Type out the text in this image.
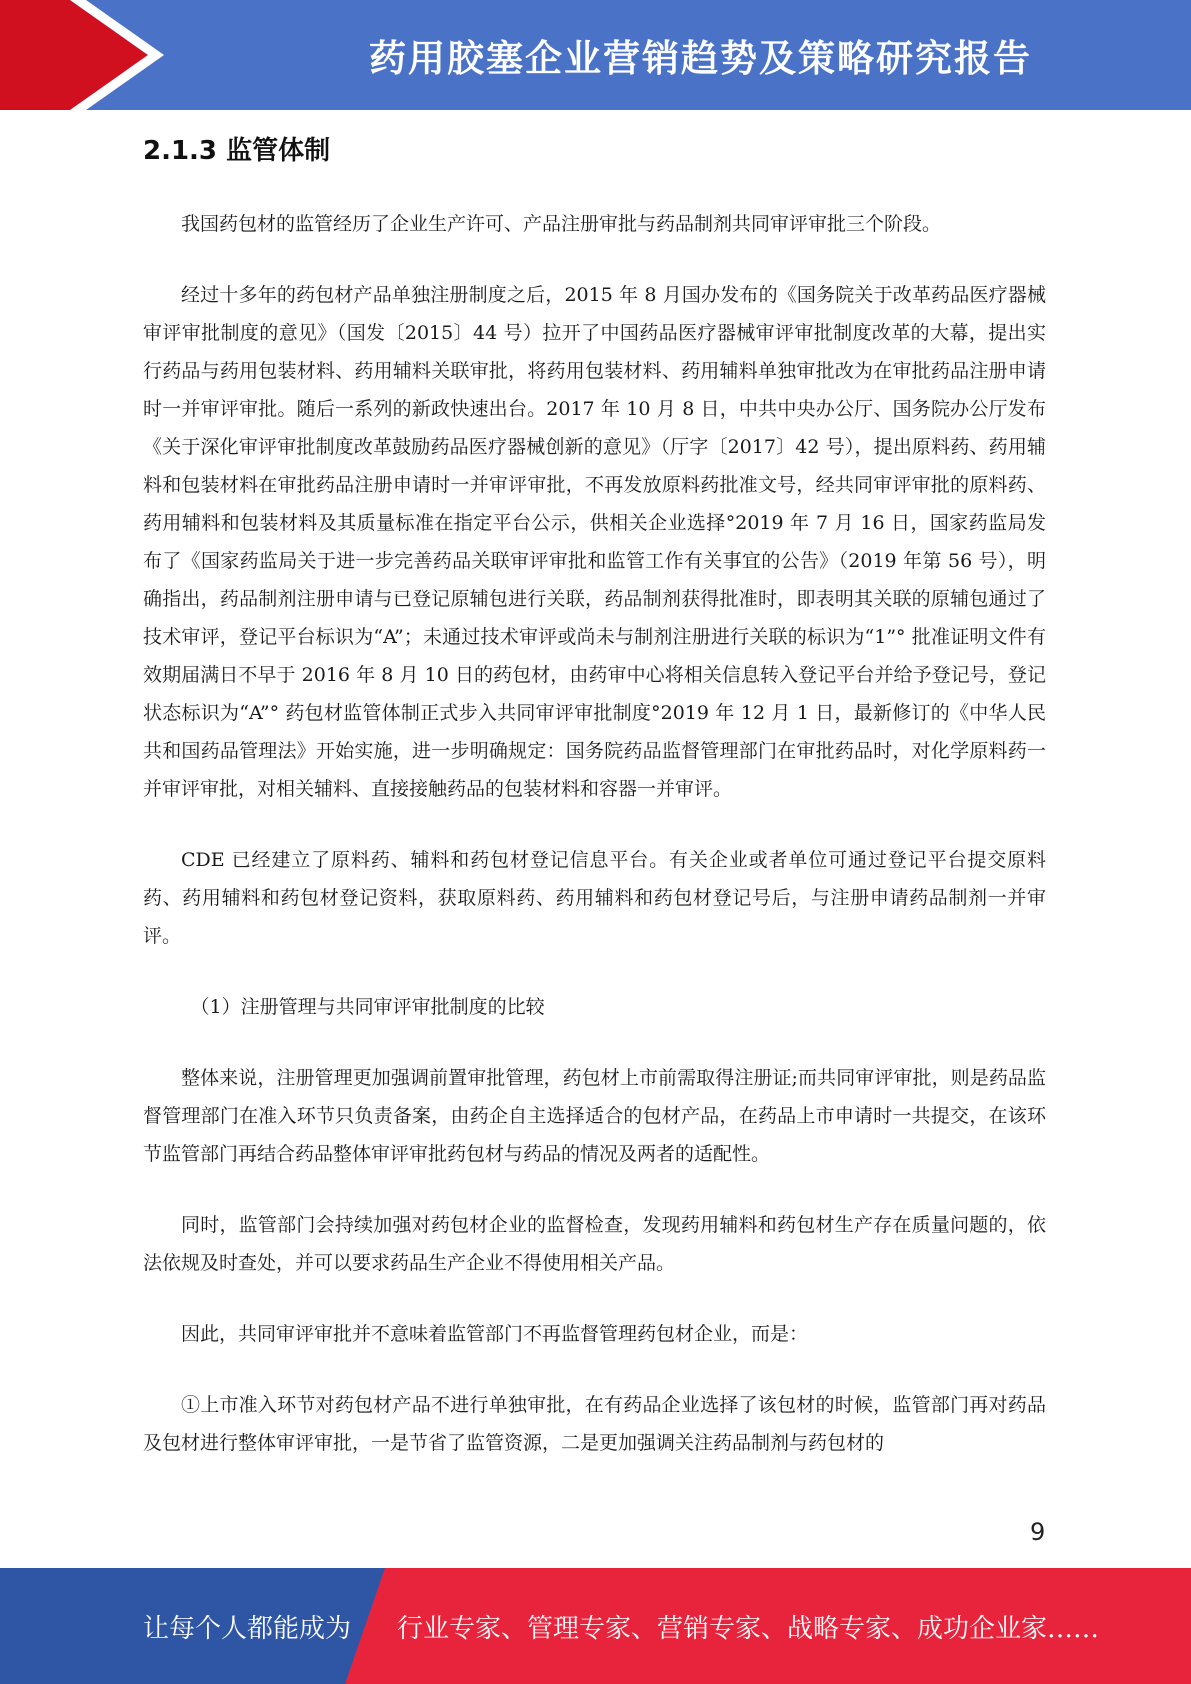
药用胶塞企业营销趋势及策略研究报告
2.1.3 监管体制

我国药包材的监管经历了企业生产许可、产品注册审批与药品制剂共同审评审批三个阶段。

经过十多年的药包材产品单独注册制度之后，2015 年 8 月国办发布的《国务院关于改革药品医疗器械审评审批制度的意见》（国发〔2015〕44 号）拉开了中国药品医疗器械审评审批制度改革的大幕，提出实行药品与药用包装材料、药用辅料关联审批，将药用包装材料、药用辅料单独审批改为在审批药品注册申请时一并审评审批。随后一系列的新政快速出台。2017 年 10 月 8 日，中共中央办公厅、国务院办公厅发布《关于深化审评审批制度改革鼓励药品医疗器械创新的意见》（厅字〔2017〕42 号），提出原料药、药用辅料和包装材料在审批药品注册申请时一并审评审批，不再发放原料药批准文号，经共同审评审批的原料药、药用辅料和包装材料及其质量标准在指定平台公示，供相关企业选择°2019 年 7 月 16 日，国家药监局发布了《国家药监局关于进一步完善药品关联审评审批和监管工作有关事宜的公告》（2019 年第 56 号），明确指出，药品制剂注册申请与已登记原辅包进行关联，药品制剂获得批准时，即表明其关联的原辅包通过了技术审评，登记平台标识为“A”；未通过技术审评或尚未与制剂注册进行关联的标识为“1”° 批准证明文件有效期届满日不早于 2016 年 8 月 10 日的药包材，由药审中心将相关信息转入登记平台并给予登记号，登记状态标识为“A”° 药包材监管体制正式步入共同审评审批制度°2019 年 12 月 1 日，最新修订的《中华人民共和国药品管理法》开始实施，进一步明确规定：国务院药品监督管理部门在审批药品时，对化学原料药一并审评审批，对相关辅料、直接接触药品的包装材料和容器一并审评。

CDE 已经建立了原料药、辅料和药包材登记信息平台。有关企业或者单位可通过登记平台提交原料药、药用辅料和药包材登记资料，获取原料药、药用辅料和药包材登记号后，与注册申请药品制剂一并审评。

（1）注册管理与共同审评审批制度的比较

整体来说，注册管理更加强调前置审批管理，药包材上市前需取得注册证;而共同审评审批，则是药品监督管理部门在准入环节只负责备案，由药企自主选择适合的包材产品，在药品上市申请时一共提交，在该环节监管部门再结合药品整体审评审批药包材与药品的情况及两者的适配性。

同时，监管部门会持续加强对药包材企业的监督检查，发现药用辅料和药包材生产存在质量问题的，依法依规及时查处，并可以要求药品生产企业不得使用相关产品。

因此，共同审评审批并不意味着监管部门不再监督管理药包材企业，而是：

①上市准入环节对药包材产品不进行单独审批，在有药品企业选择了该包材的时候，监管部门再对药品及包材进行整体审评审批，一是节省了监管资源，二是更加强调关注药品制剂与药包材的

9
让每个人都能成为 行业专家、管理专家、营销专家、战略专家、成功企业家……
